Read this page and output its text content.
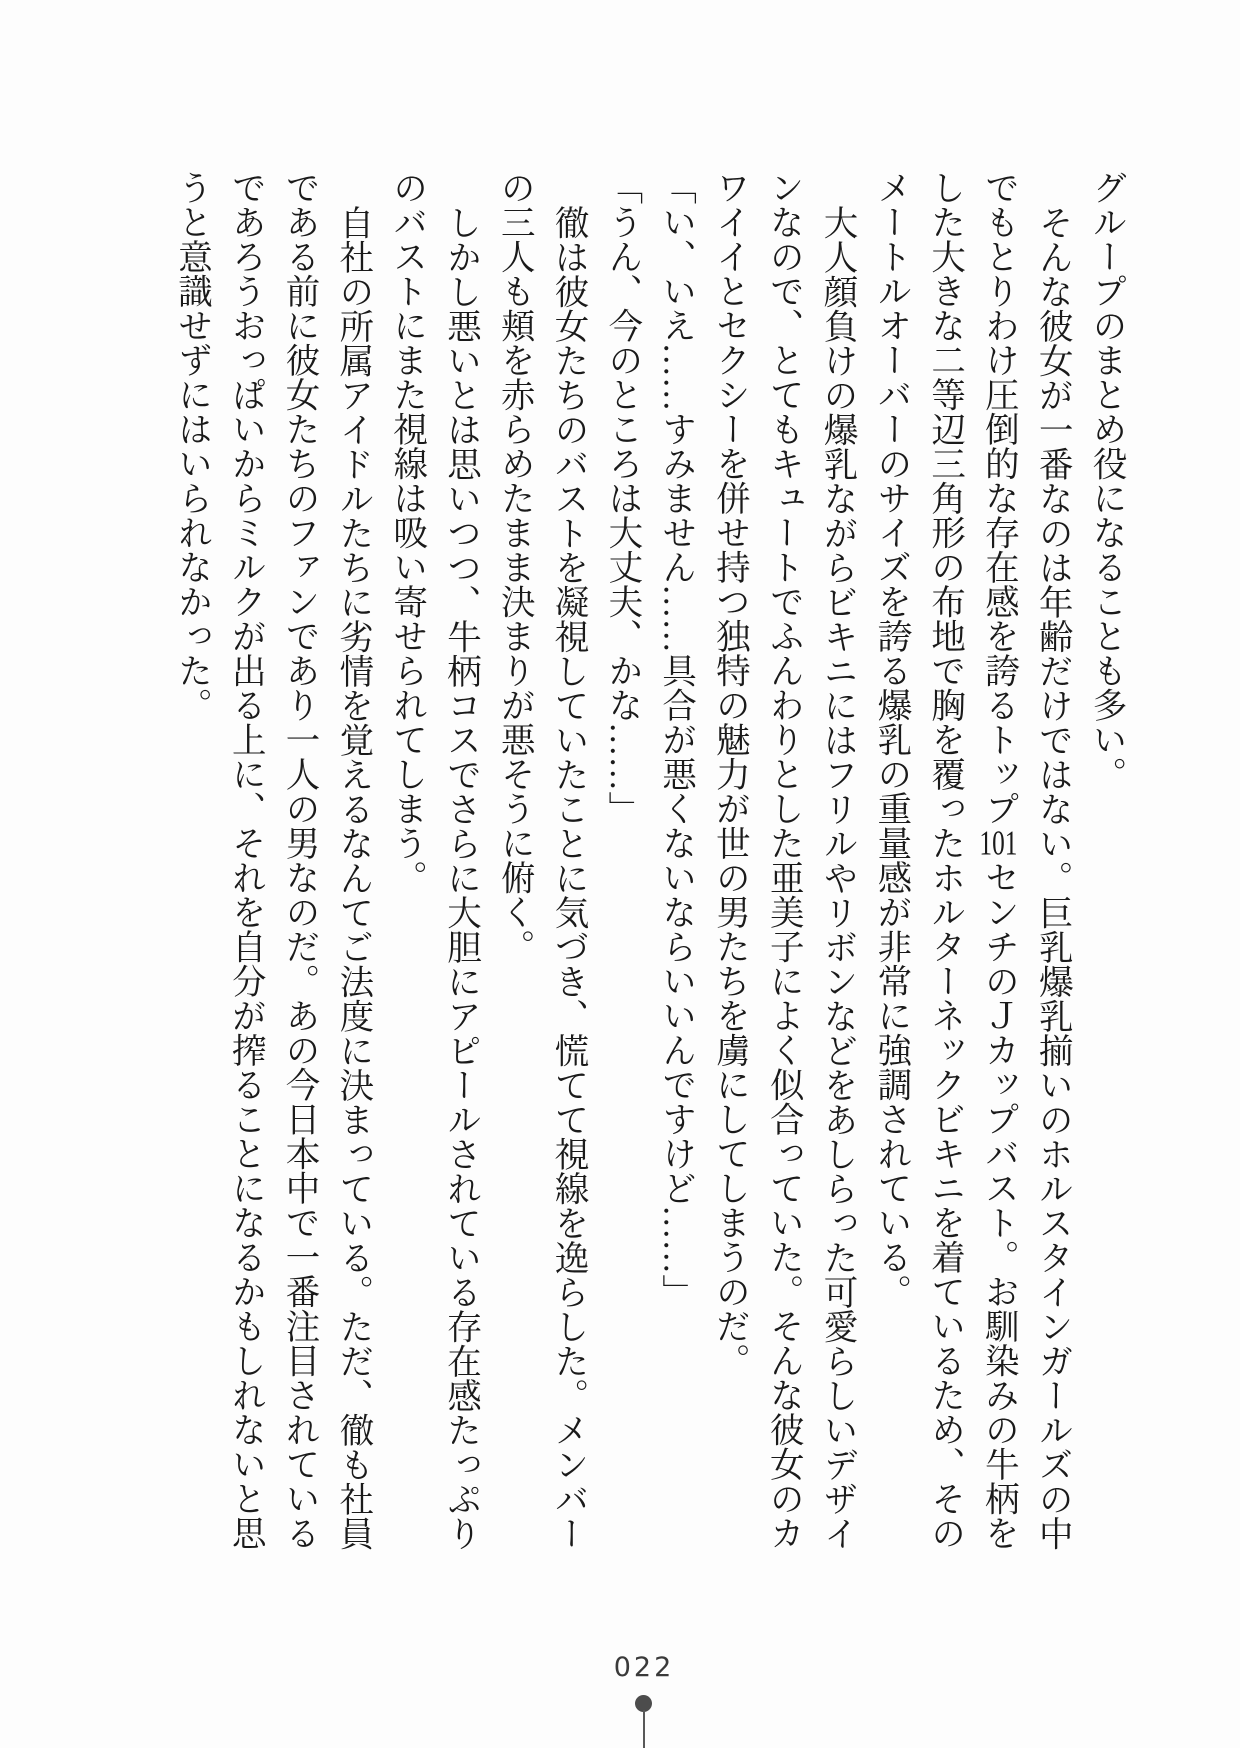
グループのまとめ役になることも多い。

そんな彼女が一番なのは年齢だけではない。巨乳爆乳揃いのホルスタインガールズの中でもとりわけ圧倒的な存在感を誇るトップ101センチのＪカップバスト。お馴染みの牛柄をした大きな二等辺三角形の布地で胸を覆ったホルターネックビキニを着ているため、そのメートルオーバーのサイズを誇る爆乳の重量感が非常に強調されている。

大人顔負けの爆乳ながらビキニにはフリルやリボンなどをあしらった可愛らしいデザインなので、とてもキュートでふんわりとした亜美子によく似合っていた。そんな彼女のカワイイとセクシーを併せ持つ独特の魅力が世の男たちを虜にしてしまうのだ。

「い、いえ……すみません……具合が悪くないならいいんですけど……」

「うん、今のところは大丈夫、かな……」

徹は彼女たちのバストを凝視していたことに気づき、慌てて視線を逸らした。メンバーの三人も頬を赤らめたまま決まりが悪そうに俯く。

しかし悪いとは思いつつ、牛柄コスでさらに大胆にアピールされている存在感たっぷりのバストにまた視線は吸い寄せられてしまう。

自社の所属アイドルたちに劣情を覚えるなんてご法度に決まっている。ただ、徹も社員である前に彼女たちのファンであり一人の男なのだ。あの今日本中で一番注目されているであろうおっぱいからミルクが出る上に、それを自分が搾ることになるかもしれないと思うと意識せずにはいられなかった。

022
